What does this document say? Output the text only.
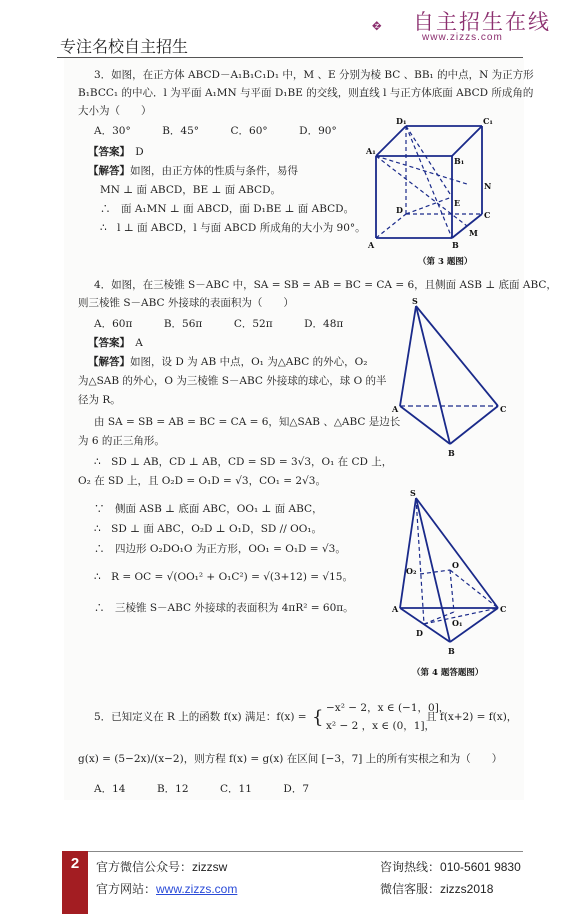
专注名校自主招生
自主招生在线
www.zizzs.com
3．如图，在正方体 ABCD－A₁B₁C₁D₁ 中，M 、E 分别为棱 BC 、BB₁ 的中点，N 为正方形
B₁BCC₁ 的中心．l 为平面 A₁MN 与平面 D₁BE 的交线，则直线 l 与正方体底面 ABCD 所成角的
大小为（　　）
A．30°　　　B．45°　　　C．60°　　　D．90°
【答案】　 D
【解答】如图，由正方体的性质与条件，易得
MN ⊥ 面 ABCD，BE ⊥ 面 ABCD。
∴　面 A₁MN ⊥ 面 ABCD，面 D₁BE ⊥ 面 ABCD。
∴　l ⊥ 面 ABCD，l 与面 ABCD 所成角的大小为 90°。
D₁	C₁
A₁
B₁
N
D
E
C
A
M
B
（第 3 题图）
4．如图，在三棱锥 S－ABC 中，SA = SB = AB = BC = CA = 6，且侧面 ASB ⊥ 底面 ABC，
则三棱锥 S－ABC 外接球的表面积为（　　）
A．60π　　　B．56π　　　C．52π　　　D．48π
【答案】　 A
【解答】如图，设 D 为 AB 中点，O₁ 为△ABC 的外心，O₂
为△SAB 的外心，O 为三棱锥 S－ABC 外接球的球心，球 O 的半
径为 R。
由 SA = SB = AB = BC = CA = 6，知△SAB 、△ABC 是边长
为 6 的正三角形。
∴　SD ⊥ AB，CD ⊥ AB，CD = SD = 3√3，O₁ 在 CD 上，
O₂ 在 SD 上，且 O₂D = O₁D = √3，CO₁ = 2√3。
S
A	C
B
∵　侧面 ASB ⊥ 底面 ABC，OO₁ ⊥ 面 ABC，
∴　SD ⊥ 面 ABC，O₂D ⊥ O₁D，SD // OO₁。
∴　四边形 O₂DO₁O 为正方形，OO₁ = O₁D = √3。
∴　R = OC = √(OO₁² + O₁C²) = √(3+12) = √15。
∴　三棱锥 S－ABC 外接球的表面积为 4πR² = 60π。
S
O₂
O
A	C
D
O₁
B
（第 4 题答题图）
5．已知定义在 R 上的函数 f(x) 满足：f(x) = { −x² − 2，x ∈ (−1，0]，
x² − 2 ，x ∈ (0，1]，
且 f(x+2) = f(x)，
g(x) = (5−2x)/(x−2)，则方程 f(x) = g(x) 在区间 [−3，7] 上的所有实根之和为（　　）
A．14　　　B．12　　　C．11　　　D．7
2	官方微信公众号：zizzsw
官方网站：www.zizzs.com
咨询热线：010-5601 9830
微信客服：zizzs2018
